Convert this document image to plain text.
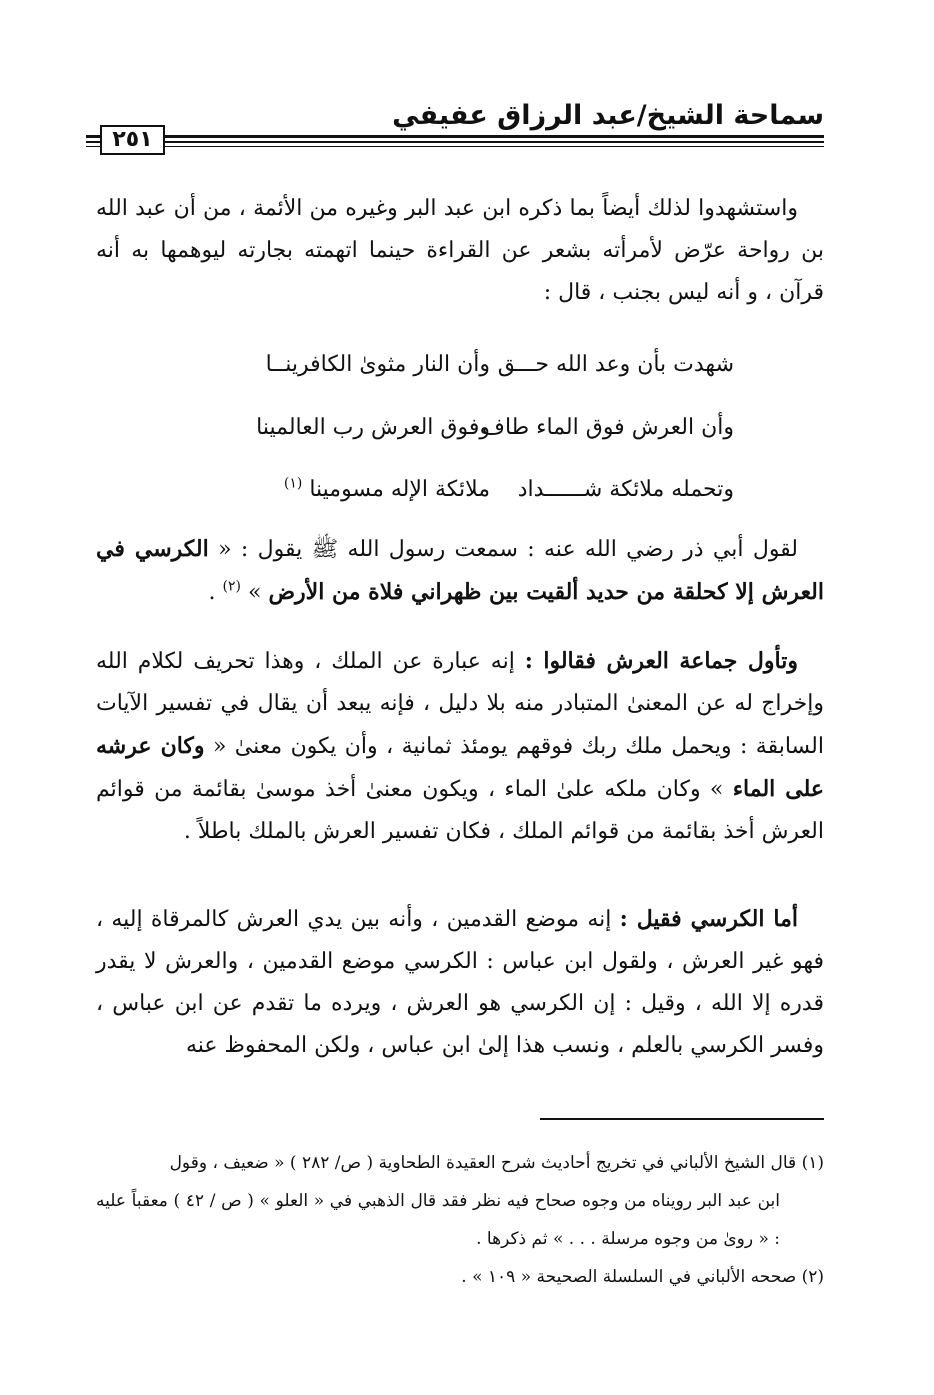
سماحة الشيخ/عبد الرزاق عفيفي
٢٥١
واستشهدوا لذلك أيضاً بما ذكره ابن عبد البر وغيره من الأئمة ، من أن عبد الله بن رواحة عرّض لأمرأته بشعر عن القراءة حينما اتهمته بجارته ليوهمها به أنه قرآن ، و أنه ليس بجنب ، قال :
شهدت بأن وعد الله حـــق
وأن النار مثوىٰ الكافرينــا
وأن العرش فوق الماء طاف
وفوق العرش رب العالمينا
وتحمله ملائكة شــــــداد
ملائكة الإله مسومينا $^{(١)}$
لقول أبي ذر رضي الله عنه : سمعت رسول الله ﷺ يقول : « الكرسي في العرش إلا كحلقة من حديد ألقيت بين ظهراني فلاة من الأرض » $^{(٢)}$ .
وتأول جماعة العرش فقالوا : إنه عبارة عن الملك ، وهذا تحريف لكلام الله وإخراج له عن المعنىٰ المتبادر منه بلا دليل ، فإنه يبعد أن يقال في تفسير الآيات السابقة : ويحمل ملك ربك فوقهم يومئذ ثمانية ، وأن يكون معنىٰ « وكان عرشه على الماء » وكان ملكه علىٰ الماء ، ويكون معنىٰ أخذ موسىٰ بقائمة من قوائم العرش أخذ بقائمة من قوائم الملك ، فكان تفسير العرش بالملك باطلاً .
أما الكرسي فقيل : إنه موضع القدمين ، وأنه بين يدي العرش كالمرقاة إليه ، فهو غير العرش ، ولقول ابن عباس : الكرسي موضع القدمين ، والعرش لا يقدر قدره إلا الله ، وقيل : إن الكرسي هو العرش ، ويرده ما تقدم عن ابن عباس ، وفسر الكرسي بالعلم ، ونسب هذا إلىٰ ابن عباس ، ولكن المحفوظ عنه

(١) قال الشيخ الألباني في تخريج أحاديث شرح العقيدة الطحاوية ( ص/ ٢٨٢ ) « ضعيف ، وقول

ابن عبد البر رويناه من وجوه صحاح فيه نظر فقد قال الذهبي في « العلو » ( ص / ٤٢ ) معقباً عليه : « روىٰ من وجوه مرسلة . . . » ثم ذكرها .

(٢) صححه الألباني في السلسلة الصحيحة « ١٠٩ » .
